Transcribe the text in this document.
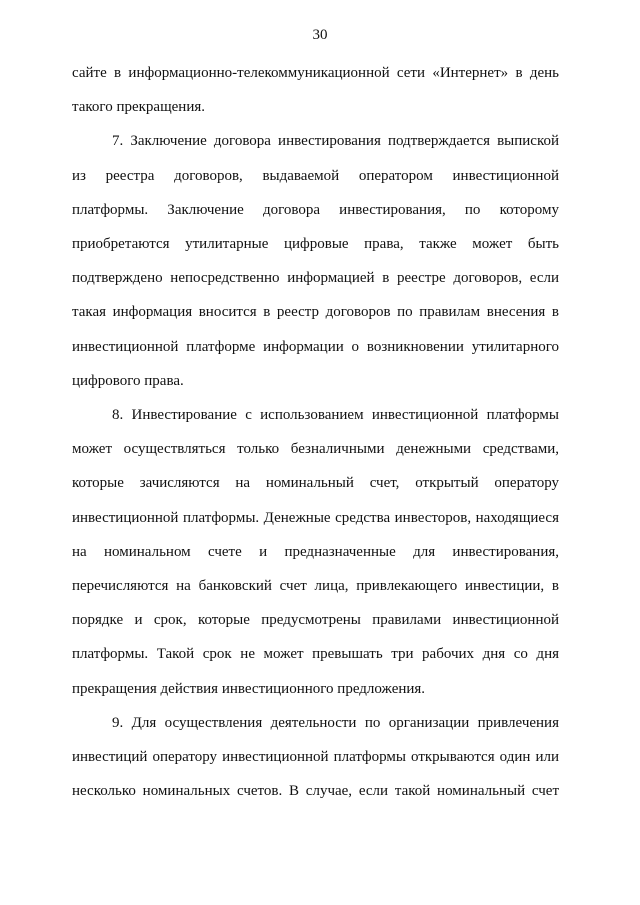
30
сайте в информационно-телекоммуникационной сети «Интернет» в день
такого прекращения.
7. Заключение договора инвестирования подтверждается выпиской
из реестра договоров, выдаваемой оператором инвестиционной
платформы. Заключение договора инвестирования, по которому
приобретаются утилитарные цифровые права, также может быть
подтверждено непосредственно информацией в реестре договоров, если
такая информация вносится в реестр договоров по правилам внесения в
инвестиционной платформе информации о возникновении утилитарного
цифрового права.
8. Инвестирование с использованием инвестиционной платформы
может осуществляться только безналичными денежными средствами,
которые зачисляются на номинальный счет, открытый оператору
инвестиционной платформы. Денежные средства инвесторов, находящиеся
на номинальном счете и предназначенные для инвестирования,
перечисляются на банковский счет лица, привлекающего инвестиции, в
порядке и срок, которые предусмотрены правилами инвестиционной
платформы. Такой срок не может превышать три рабочих дня со дня
прекращения действия инвестиционного предложения.
9. Для осуществления деятельности по организации привлечения
инвестиций оператору инвестиционной платформы открываются один или
несколько номинальных счетов. В случае, если такой номинальный счет
